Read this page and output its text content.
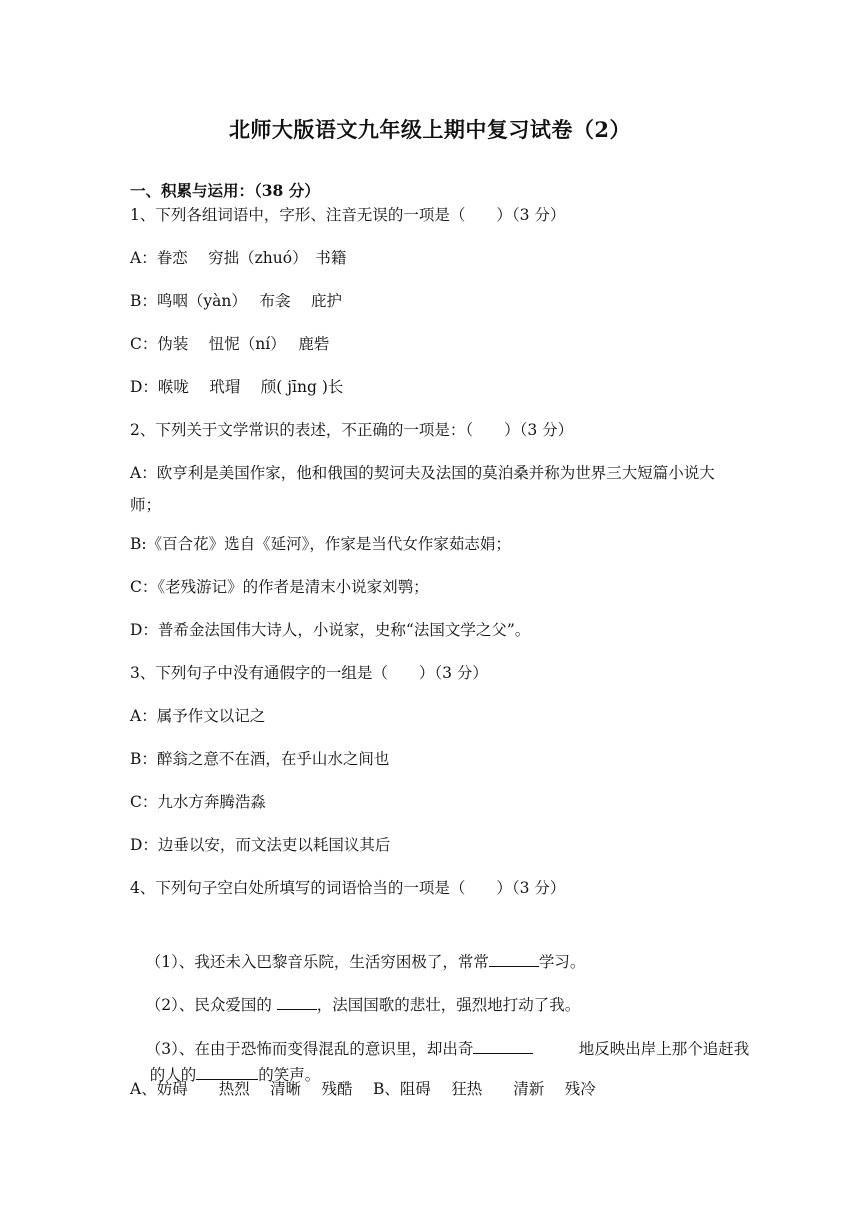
北师大版语文九年级上期中复习试卷（2）
一、积累与运用：（38 分）
1、下列各组词语中，字形、注音无误的一项是（　　）（3 分）
A：眷恋　 穷拙（zhuó）　书籍
B：鸣咽（yàn）　 布衾　 庇护
C：伪装　 忸怩（ní）　 鹿砦
D：喉咙　 玳瑁　 颀( jīng )长
2、下列关于文学常识的表述，不正确的一项是：（　　）（3 分）
A：欧亨利是美国作家，他和俄国的契诃夫及法国的莫泊桑并称为世界三大短篇小说大师；
B:《百合花》选自《延河》，作家是当代女作家茹志娟；
C：《老残游记》的作者是清末小说家刘鹗；
D：普希金法国伟大诗人，小说家，史称“法国文学之父”。
3、下列句子中没有通假字的一组是（　　）（3 分）
A：属予作文以记之
B：醉翁之意不在酒，在乎山水之间也
C：九水方奔腾浩淼
D：边垂以安，而文法吏以耗国议其后
4、下列句子空白处所填写的词语恰当的一项是（　　）（3 分）

（1）、我还未入巴黎音乐院，生活穷困极了，常常	学习。

（2）、民众爱国的	，法国国歌的悲壮，强烈地打动了我。

（3）、在由于恐怖而变得混乱的意识里，却出奇
	地反映出岸上那个追赶我

的人的	的笑声。

A、妨碍　　热烈　 清晰　 残酷　 B、阻碍　 狂热　　清新　 残冷
